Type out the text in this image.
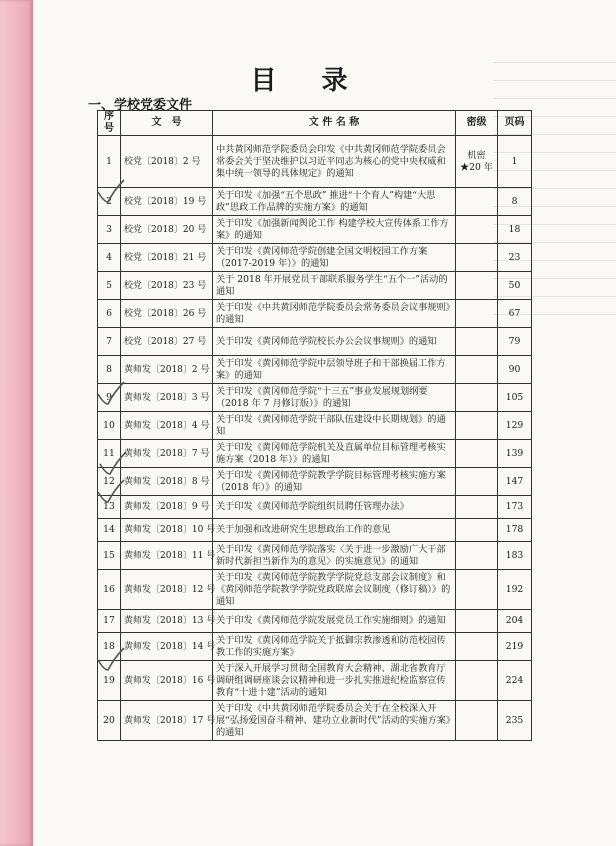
目 录
一、学校党委文件
序号	文　号	文 件 名 称	密级	页码
1	校党〔2018〕2 号	中共黄冈师范学院委员会印发《中共黄冈师范学院委员会常委会关于坚决维护以习近平同志为核心的党中央权威和集中统一领导的具体规定》的通知	机密★20 年	1
2	校党〔2018〕19 号	关于印发《加强“五个思政” 推进“十个育人”构建“大思政”思政工作品牌的实施方案》的通知		8
3	校党〔2018〕20 号	关于印发《加强新闻舆论工作 构建学校大宣传体系工作方案》的通知		18
4	校党〔2018〕21 号	关于印发《黄冈师范学院创建全国文明校园工作方案（2017-2019 年）》的通知		23
5	校党〔2018〕23 号	关于 2018 年开展党员干部联系服务学生“五个一”活动的通知		50
6	校党〔2018〕26 号	关于印发《中共黄冈师范学院委员会常务委员会议事规则》的通知		67
7	校党〔2018〕27 号	关于印发《黄冈师范学院校长办公会议事规则》的通知		79
8	黄师发〔2018〕2 号	关于印发《黄冈师范学院中层领导班子和干部换届工作方案》的通知		90
9	黄师发〔2018〕3 号	关于印发《黄冈师范学院“十三五”事业发展规划纲要（2018 年 7 月修订版）》的通知		105
10	黄师发〔2018〕4 号	关于印发《黄冈师范学院干部队伍建设中长期规划》的通知		129
11	黄师发〔2018〕7 号	关于印发《黄冈师范学院机关及直属单位目标管理考核实施方案（2018 年）》的通知		139
12	黄师发〔2018〕8 号	关于印发《黄冈师范学院教学学院目标管理考核实施方案（2018 年）》的通知		147
13	黄师发〔2018〕9 号	关于印发《黄冈师范学院组织员聘任管理办法》		173
14	黄师发〔2018〕10 号	关于加强和改进研究生思想政治工作的意见		178
15	黄师发〔2018〕11 号	关于印发《黄冈师范学院落实〈关于进一步激励广大干部新时代新担当新作为的意见〉的实施意见》的通知		183
16	黄师发〔2018〕12 号	关于印发《黄冈师范学院教学学院党总支部会议制度》和《黄冈师范学院教学学院党政联席会议制度（修订稿）》的通知		192
17	黄师发〔2018〕13 号	关于印发《黄冈师范学院发展党员工作实施细则》的通知		204
18	黄师发〔2018〕14 号	关于印发《黄冈师范学院关于抵御宗教渗透和防范校园传教工作的实施方案》		219
19	黄师发〔2018〕16 号	关于深入开展学习贯彻全国教育大会精神、湖北省教育厅调研组调研座谈会议精神和进一步扎实推进纪检监察宣传教育“十进十建”活动的通知		224
20	黄师发〔2018〕17 号	关于印发《中共黄冈师范学院委员会关于在全校深入开展“弘扬爱国奋斗精神、建功立业新时代”活动的实施方案》的通知		235
